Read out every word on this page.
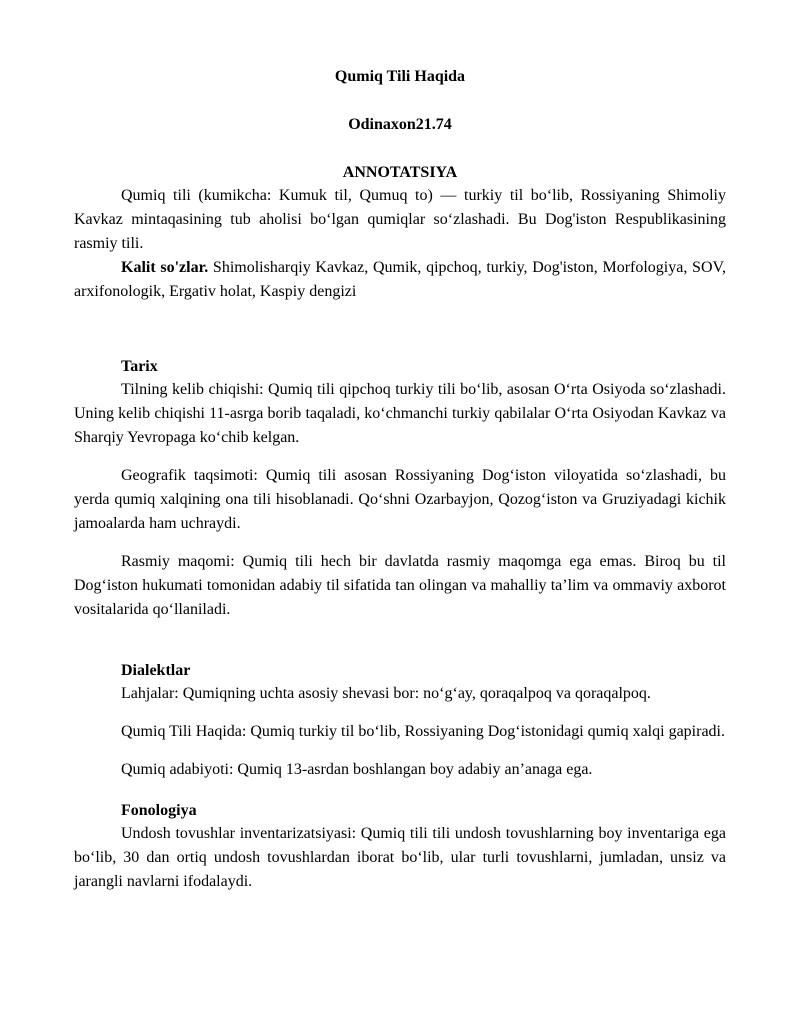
Qumiq Tili Haqida
Odinaxon21.74
ANNOTATSIYA

Qumiq tili (kumikcha: Kumuk til, Qumuq to) — turkiy til bo‘lib, Rossiyaning Shimoliy Kavkaz mintaqasining tub aholisi bo‘lgan qumiqlar so‘zlashadi. Bu Dog'iston Respublikasining rasmiy tili.

Kalit so'zlar. Shimolisharqiy Kavkaz, Qumik, qipchoq, turkiy, Dog'iston, Morfologiya, SOV, arxifonologik, Ergativ holat, Kaspiy dengizi

Tarix

Tilning kelib chiqishi: Qumiq tili qipchoq turkiy tili bo‘lib, asosan O‘rta Osiyoda so‘zlashadi. Uning kelib chiqishi 11-asrga borib taqaladi, ko‘chmanchi turkiy qabilalar O‘rta Osiyodan Kavkaz va Sharqiy Yevropaga ko‘chib kelgan.

Geografik taqsimoti: Qumiq tili asosan Rossiyaning Dog‘iston viloyatida so‘zlashadi, bu yerda qumiq xalqining ona tili hisoblanadi. Qo‘shni Ozarbayjon, Qozog‘iston va Gruziyadagi kichik jamoalarda ham uchraydi.

Rasmiy maqomi: Qumiq tili hech bir davlatda rasmiy maqomga ega emas. Biroq bu til Dog‘iston hukumati tomonidan adabiy til sifatida tan olingan va mahalliy ta’lim va ommaviy axborot vositalarida qo‘llaniladi.

Dialektlar

Lahjalar: Qumiqning uchta asosiy shevasi bor: no‘g‘ay, qoraqalpoq va qoraqalpoq.

Qumiq Tili Haqida: Qumiq turkiy til bo‘lib, Rossiyaning Dog‘istonidagi qumiq xalqi gapiradi.

Qumiq adabiyoti: Qumiq 13-asrdan boshlangan boy adabiy an’anaga ega.

Fonologiya

Undosh tovushlar inventarizatsiyasi: Qumiq tili tili undosh tovushlarning boy inventariga ega bo‘lib, 30 dan ortiq undosh tovushlardan iborat bo‘lib, ular turli tovushlarni, jumladan, unsiz va jarangli navlarni ifodalaydi.
